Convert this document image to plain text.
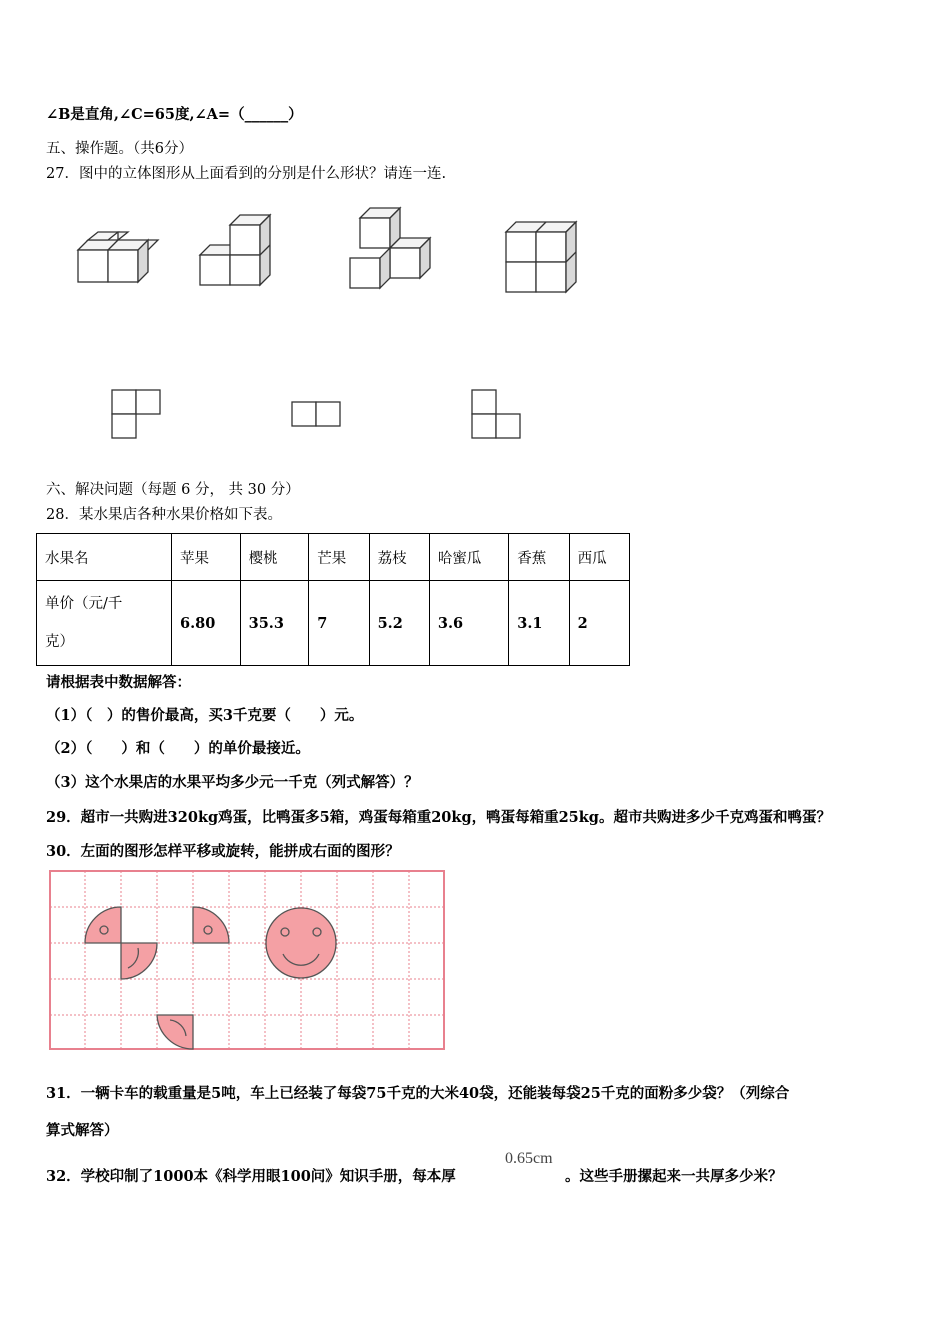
∠B是直角,∠C=65度,∠A=（______）
五、操作题。（共6分）
27．图中的立体图形从上面看到的分别是什么形状？请连一连.
六、解决问题（每题 6 分， 共 30 分）
28．某水果店各种水果价格如下表。
水果名	苹果	樱桃	芒果	荔枝	哈蜜瓜	香蕉	西瓜
单价（元/千
克）	6.80	35.3	7	5.2	3.6	3.1	2
请根据表中数据解答：
（1）（　）的售价最高，买3千克要（　　）元。
（2）（　　）和（　　）的单价最接近。
（3）这个水果店的水果平均多少元一千克（列式解答）？
29．超市一共购进320kg鸡蛋，比鸭蛋多5箱，鸡蛋每箱重20kg，鸭蛋每箱重25kg。超市共购进多少千克鸡蛋和鸭蛋？
30．左面的图形怎样平移或旋转，能拼成右面的图形？
31．一辆卡车的载重量是5吨，车上已经装了每袋75千克的大米40袋，还能装每袋25千克的面粉多少袋？（列综合
算式解答）
32．学校印制了1000本《科学用眼100问》知识手册，每本厚
0.65cm
。这些手册摞起来一共厚多少米？
